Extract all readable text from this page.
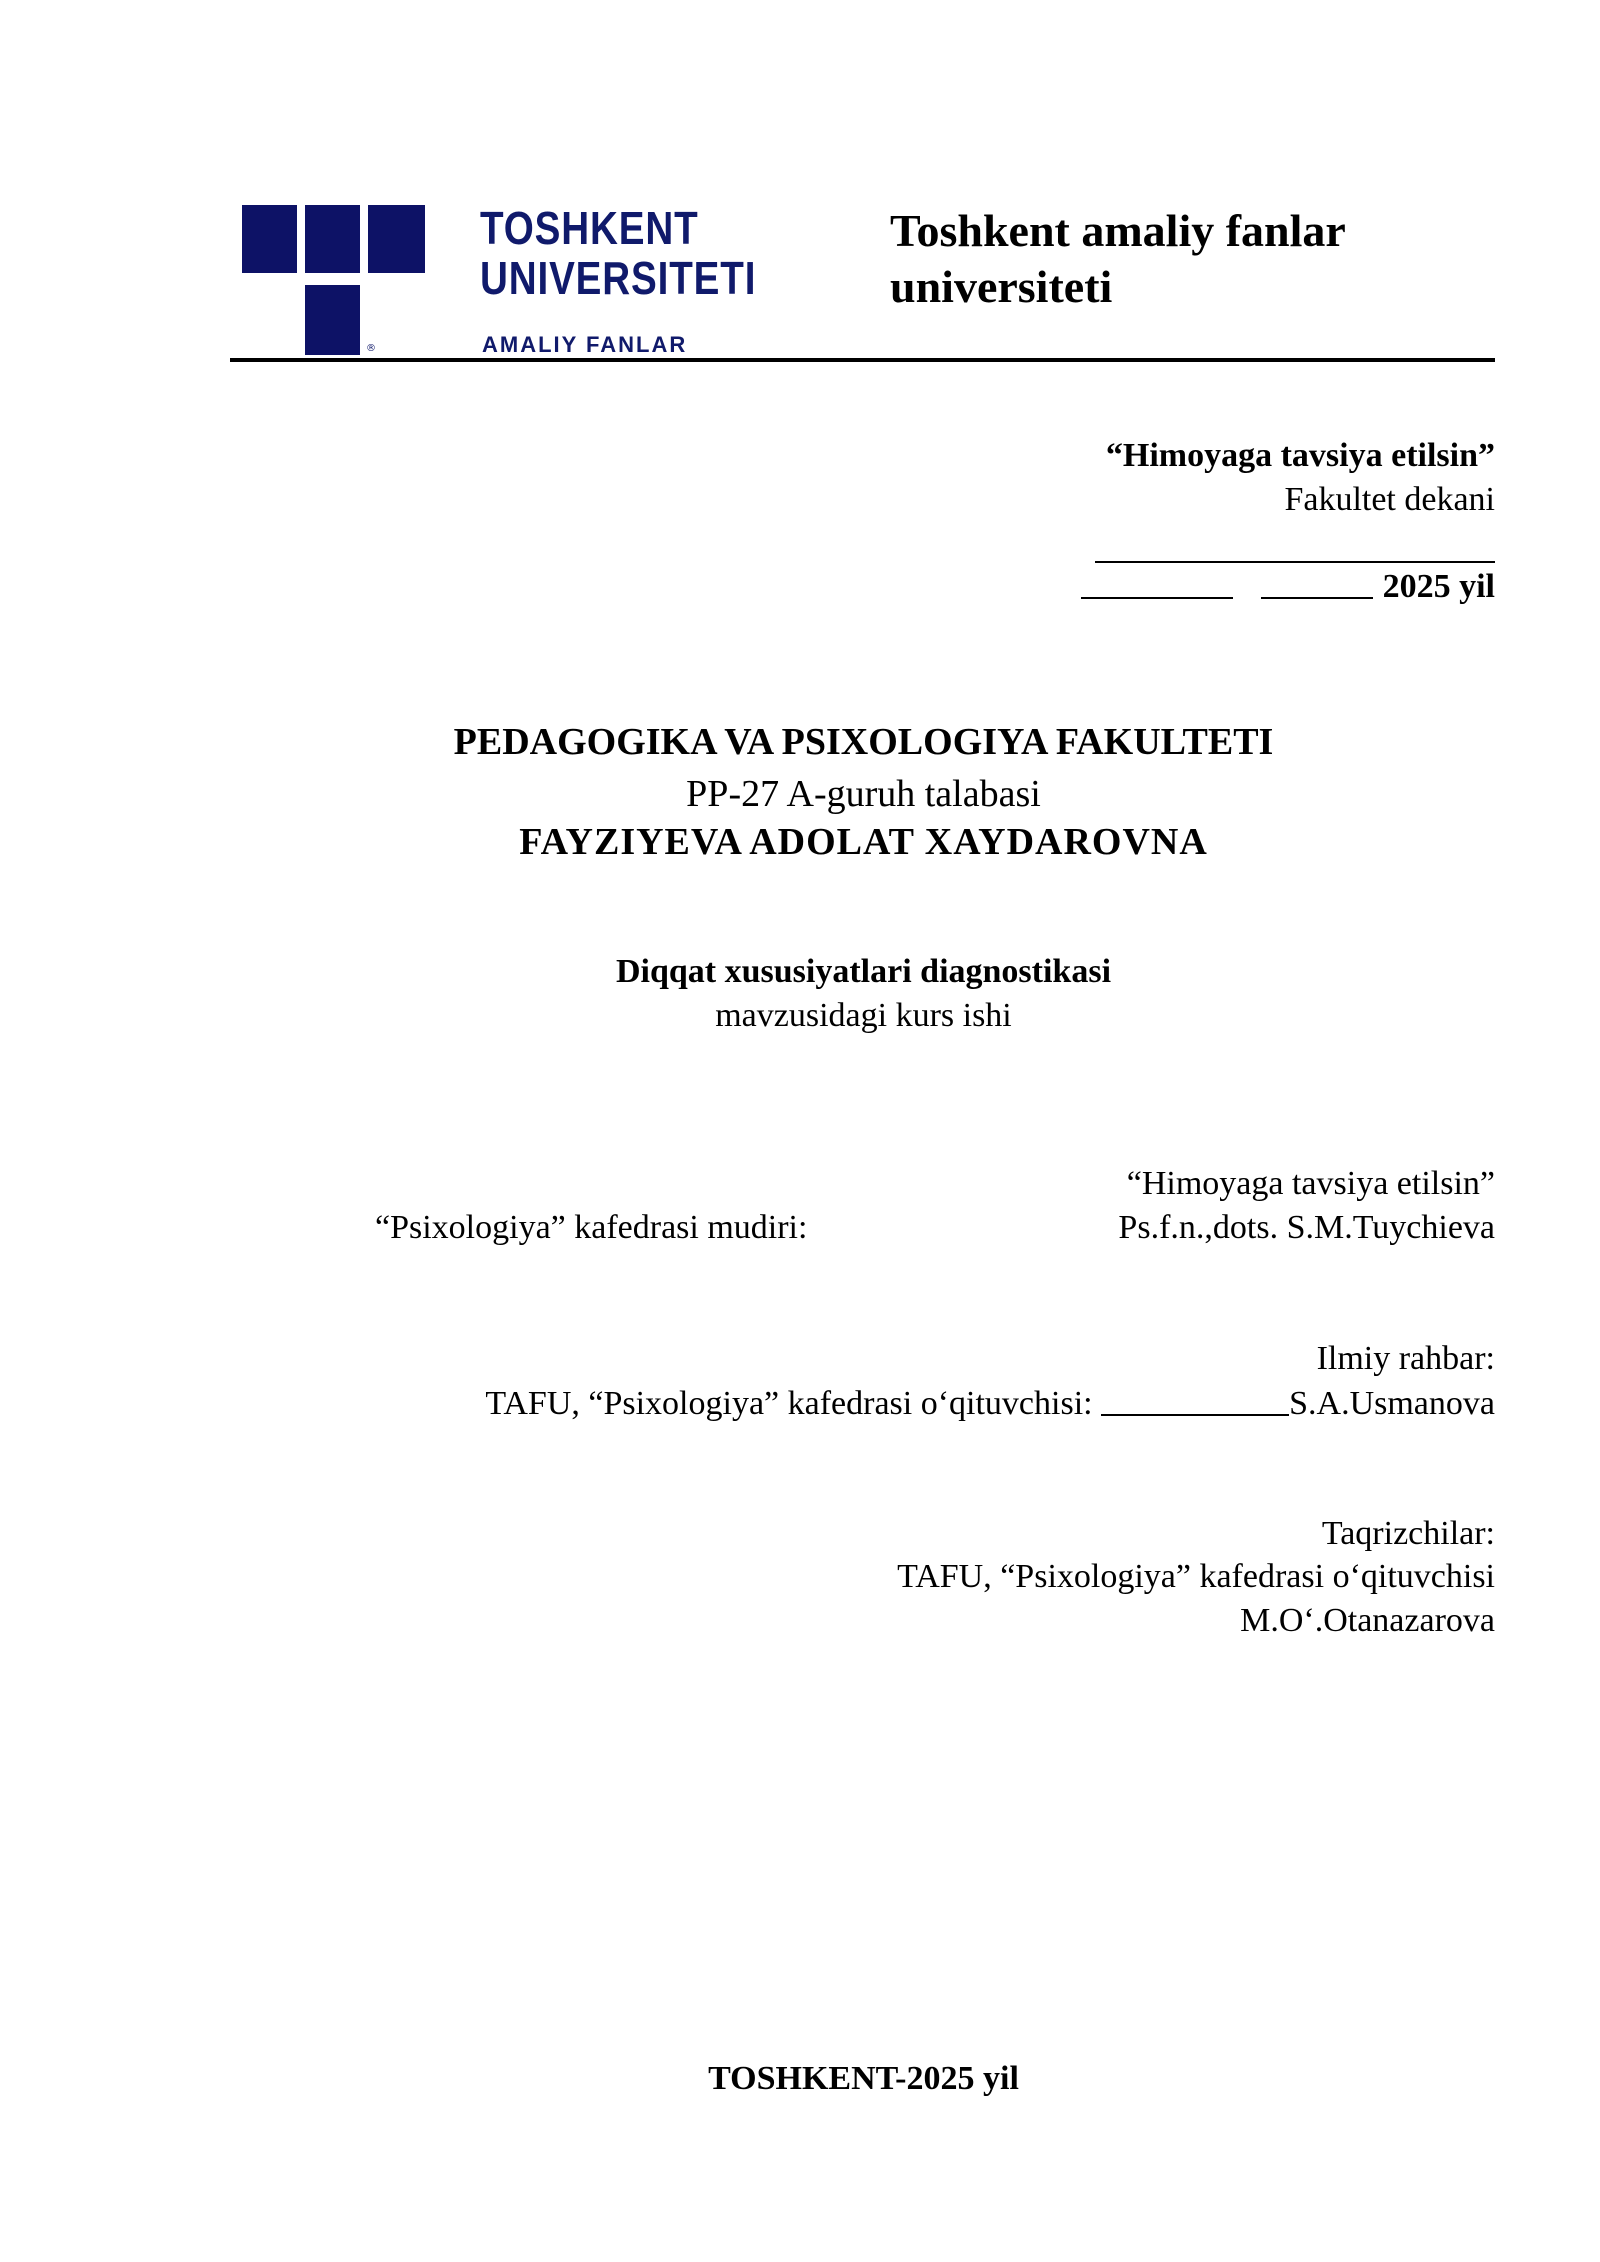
®
TOSHKENT
UNIVERSITETI
AMALIY FANLAR
Toshkent amaliy fanlar
universiteti
“Himoyaga tavsiya etilsin”
Fakultet dekani
2025 yil
PEDAGOGIKA VA PSIXOLOGIYA FAKULTETI
PP-27 A-guruh talabasi
FAYZIYEVA ADOLAT XAYDAROVNA
Diqqat xususiyatlari diagnostikasi
mavzusidagi kurs ishi
“Himoyaga tavsiya etilsin”
“Psixologiya” kafedrasi mudiri:	Ps.f.n.,dots. S.M.Tuychieva
Ilmiy rahbar:
TAFU, “Psixologiya” kafedrasi o‘qituvchisi:	S.A.Usmanova
Taqrizchilar:
TAFU, “Psixologiya” kafedrasi o‘qituvchisi
M.O‘.Otanazarova
TOSHKENT-2025 yil
